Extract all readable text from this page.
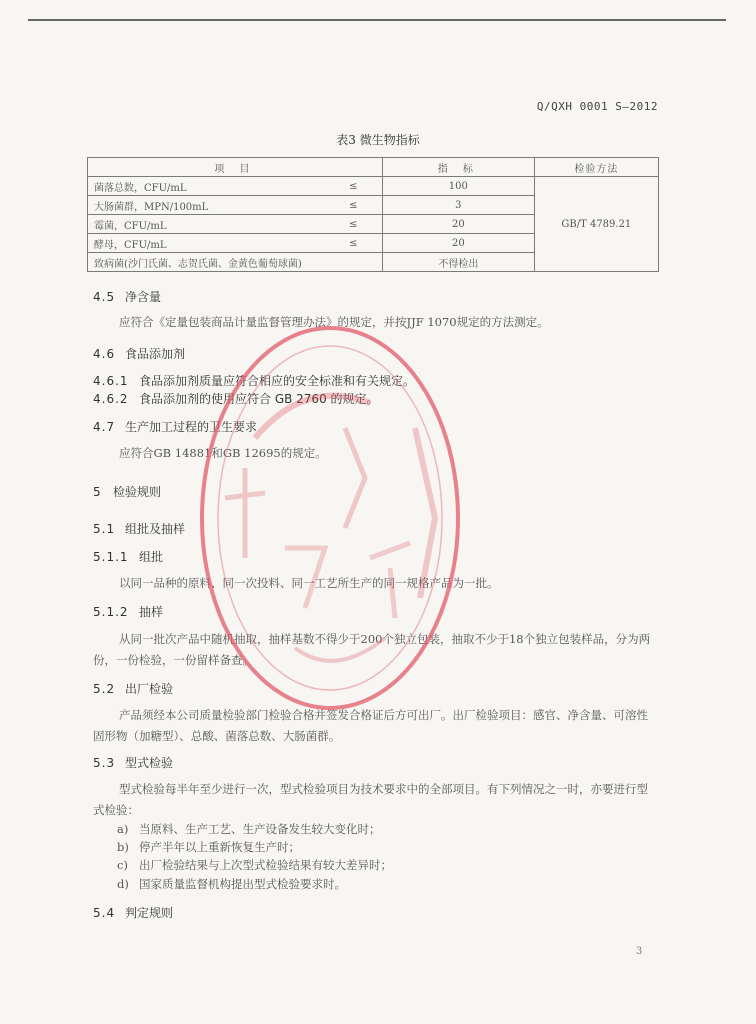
Q/QXH 0001 S—2012
表3 微生物指标
项 目		指 标	检验方法
菌落总数，CFU/mL	≤	100	GB/T 4789.21
大肠菌群，MPN/100mL	≤	3	
霉菌，CFU/mL	≤	20	
酵母，CFU/mL	≤	20	
致病菌(沙门氏菌、志贺氏菌、金黄色葡萄球菌)		不得检出	
4.5 净含量
应符合《定量包装商品计量监督管理办法》的规定，并按JJF 1070规定的方法测定。
4.6 食品添加剂
4.6.1 食品添加剂质量应符合相应的安全标准和有关规定。
4.6.2 食品添加剂的使用应符合 GB 2760 的规定。
4.7 生产加工过程的卫生要求
应符合GB 14881和GB 12695的规定。
5 检验规则
5.1 组批及抽样
5.1.1 组批
以同一品种的原料、同一次投料、同一工艺所生产的同一规格产品为一批。
5.1.2 抽样
从同一批次产品中随机抽取，抽样基数不得少于200个独立包装，抽取不少于18个独立包装样品，分为两份，一份检验，一份留样备查。
5.2 出厂检验
产品须经本公司质量检验部门检验合格并签发合格证后方可出厂。出厂检验项目：感官、净含量、可溶性固形物（加糖型）、总酸、菌落总数、大肠菌群。
5.3 型式检验
型式检验每半年至少进行一次，型式检验项目为技术要求中的全部项目。有下列情况之一时，亦要进行型式检验：
a) 当原料、生产工艺、生产设备发生较大变化时；
b) 停产半年以上重新恢复生产时；
c) 出厂检验结果与上次型式检验结果有较大差异时；
d) 国家质量监督机构提出型式检验要求时。
5.4 判定规则
3
